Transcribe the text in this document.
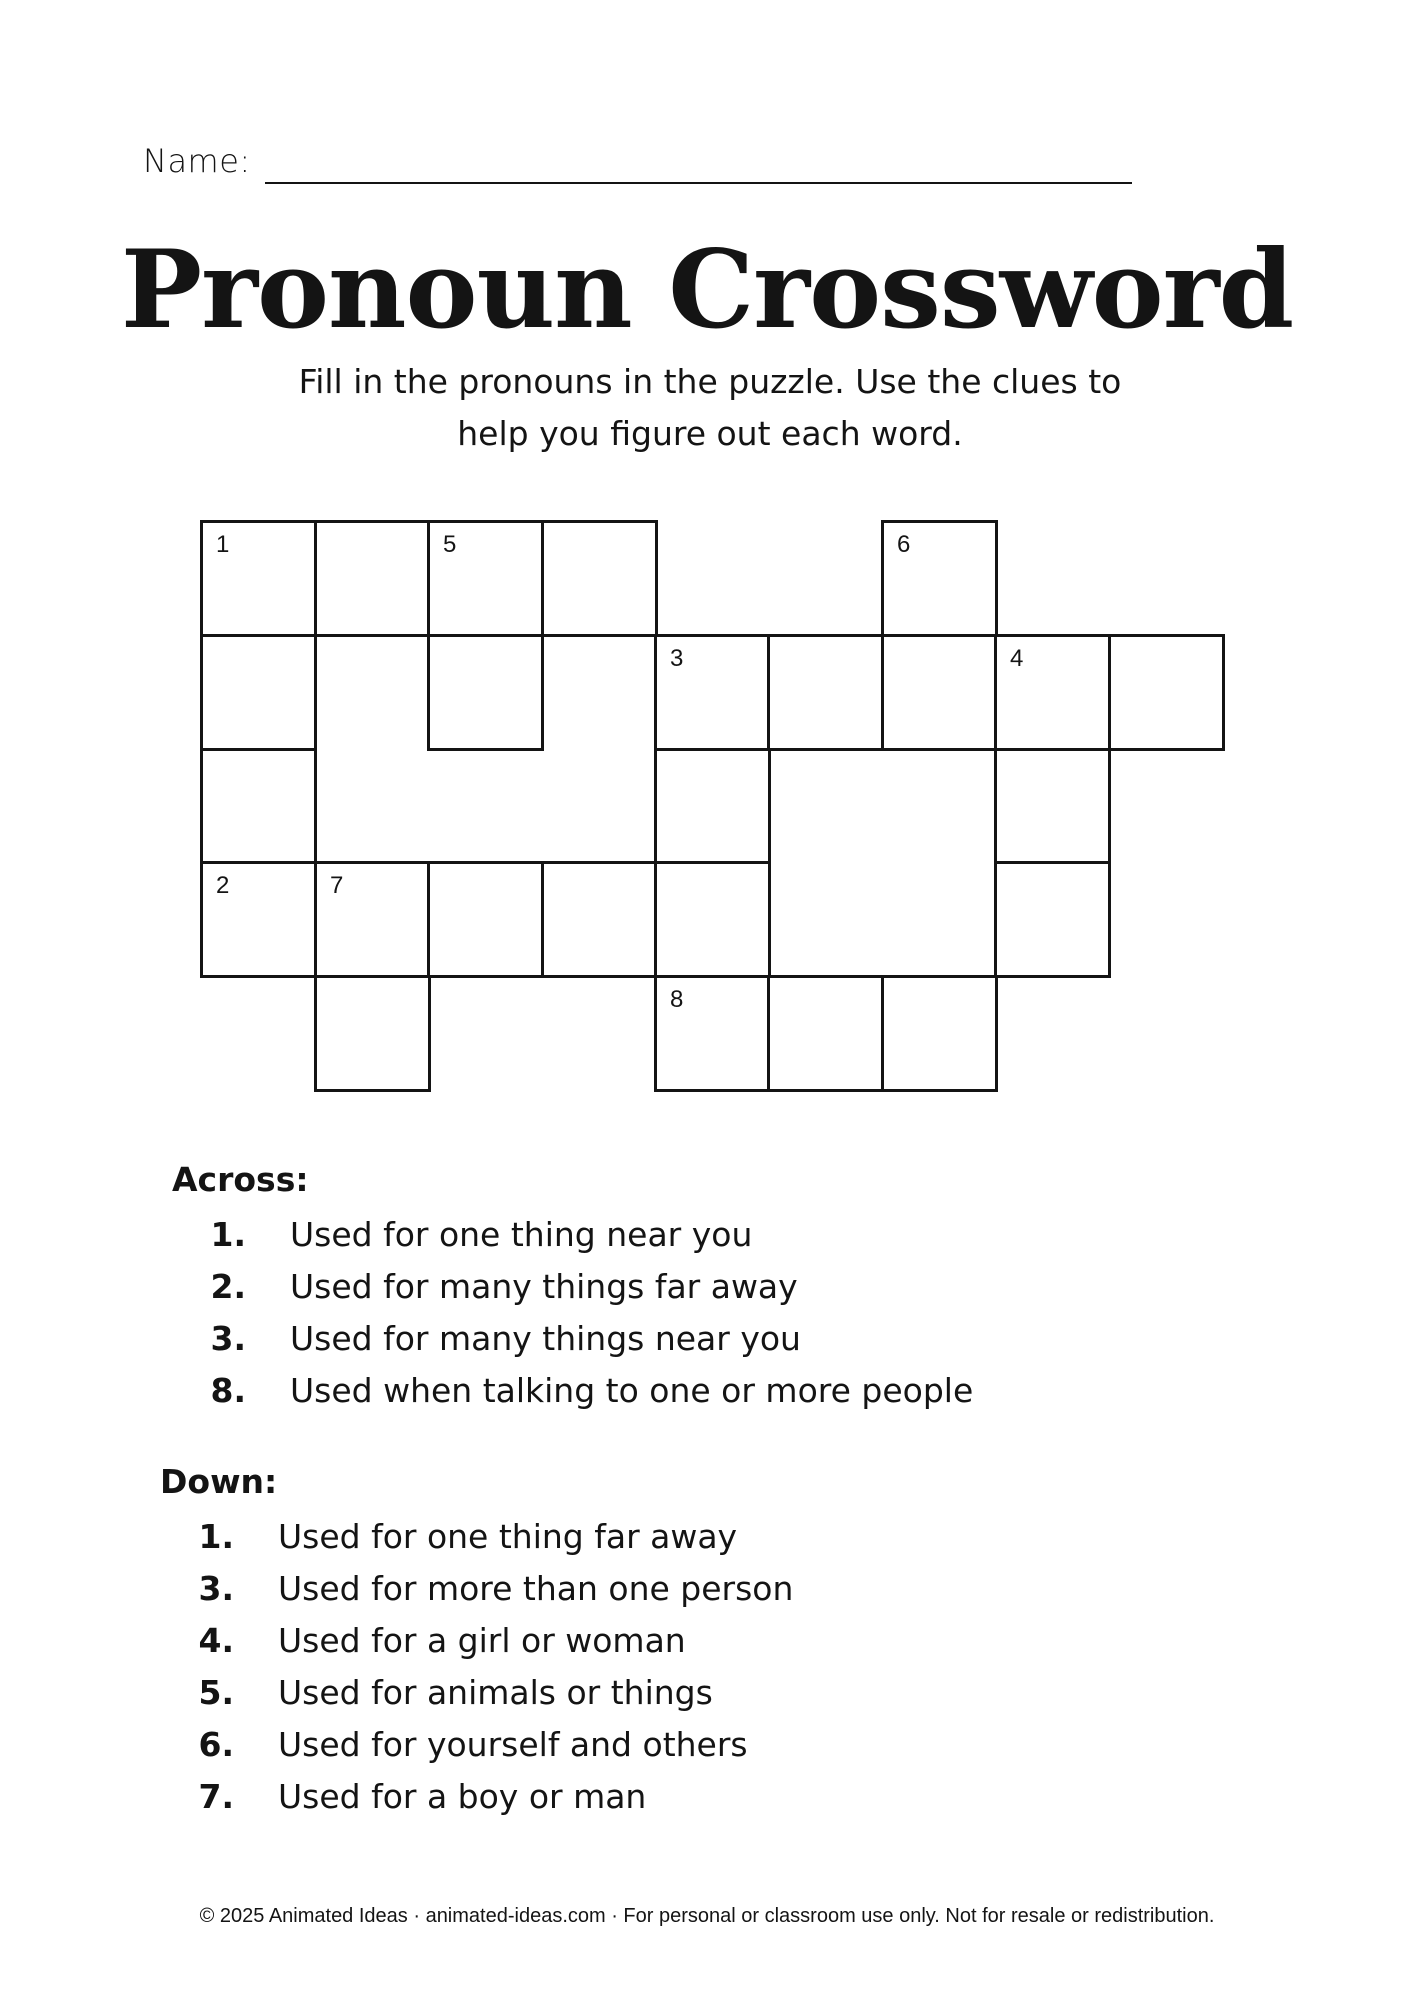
Name:
Pronoun Crossword

Fill in the pronouns in the puzzle. Use the clues to
help you figure out each word.

1	5	6
3	4
2	7
8
Across:
1. Used for one thing near you
2. Used for many things far away
3. Used for many things near you
8. Used when talking to one or more people
Down:
1. Used for one thing far away
3. Used for more than one person
4. Used for a girl or woman
5. Used for animals or things
6. Used for yourself and others
7. Used for a boy or man
© 2025 Animated Ideas · animated-ideas.com · For personal or classroom use only. Not for resale or redistribution.
